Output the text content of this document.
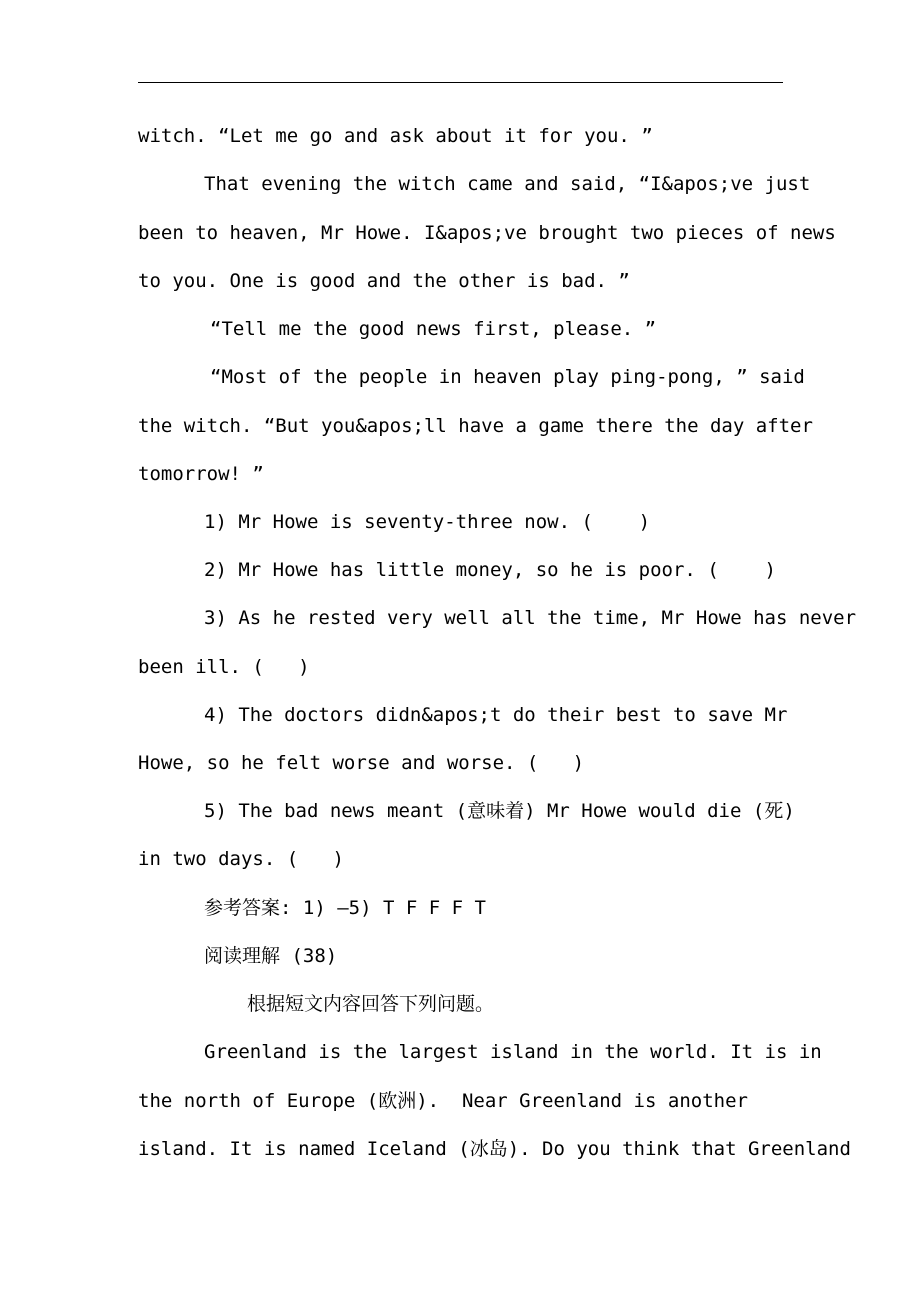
witch. “Let me go and ask about it for you. ”
That evening the witch came and said, “I&apos;ve just
been to heaven, Mr Howe. I&apos;ve brought two pieces of news
to you. One is good and the other is bad. ”
“Tell me the good news first, please. ”
“Most of the people in heaven play ping-pong, ” said
the witch. “But you&apos;ll have a game there the day after
tomorrow! ”
1) Mr Howe is seventy-three now. (    )
2) Mr Howe has little money, so he is poor. (    )
3) As he rested very well all the time, Mr Howe has never
been ill. (   )
4) The doctors didn&apos;t do their best to save Mr
Howe, so he felt worse and worse. (   )
5) The bad news meant (意味着) Mr Howe would die (死)
in two days. (   )
参考答案: 1) —5) T F F F T
阅读理解 (38)
根据短文内容回答下列问题。
Greenland is the largest island in the world. It is in
the north of Europe (欧洲).  Near Greenland is another
island. It is named Iceland (冰岛). Do you think that Greenland
